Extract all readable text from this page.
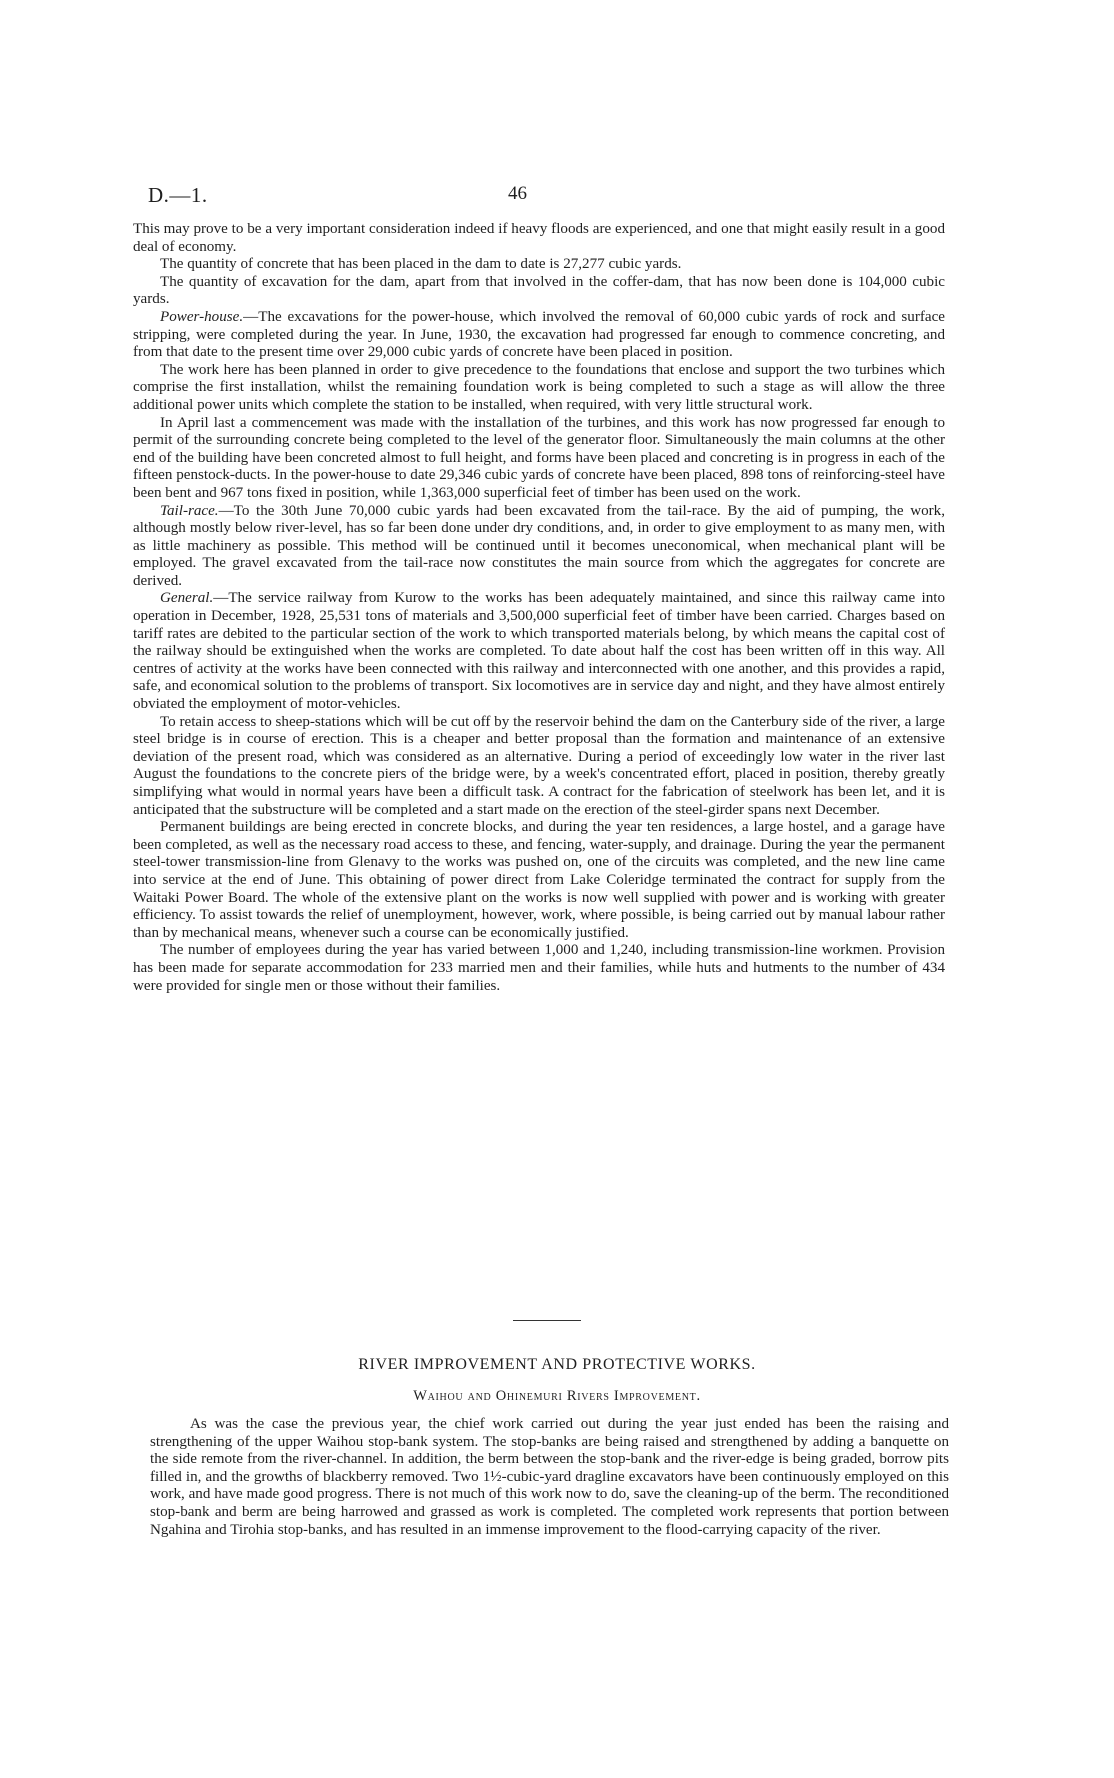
D.—1.	46

This may prove to be a very important consideration indeed if heavy floods are experienced, and one that might easily result in a good deal of economy.

The quantity of concrete that has been placed in the dam to date is 27,277 cubic yards.

The quantity of excavation for the dam, apart from that involved in the coffer-dam, that has now been done is 104,000 cubic yards.

Power-house.—The excavations for the power-house, which involved the removal of 60,000 cubic yards of rock and surface stripping, were completed during the year. In June, 1930, the excavation had progressed far enough to commence concreting, and from that date to the present time over 29,000 cubic yards of concrete have been placed in position.

The work here has been planned in order to give precedence to the foundations that enclose and support the two turbines which comprise the first installation, whilst the remaining foundation work is being completed to such a stage as will allow the three additional power units which complete the station to be installed, when required, with very little structural work.

In April last a commencement was made with the installation of the turbines, and this work has now progressed far enough to permit of the surrounding concrete being completed to the level of the generator floor. Simultaneously the main columns at the other end of the building have been concreted almost to full height, and forms have been placed and concreting is in progress in each of the fifteen penstock-ducts. In the power-house to date 29,346 cubic yards of concrete have been placed, 898 tons of reinforcing-steel have been bent and 967 tons fixed in position, while 1,363,000 superficial feet of timber has been used on the work.

Tail-race.—To the 30th June 70,000 cubic yards had been excavated from the tail-race. By the aid of pumping, the work, although mostly below river-level, has so far been done under dry conditions, and, in order to give employment to as many men, with as little machinery as possible. This method will be continued until it becomes uneconomical, when mechanical plant will be employed. The gravel excavated from the tail-race now constitutes the main source from which the aggregates for concrete are derived.

General.—The service railway from Kurow to the works has been adequately maintained, and since this railway came into operation in December, 1928, 25,531 tons of materials and 3,500,000 superficial feet of timber have been carried. Charges based on tariff rates are debited to the particular section of the work to which transported materials belong, by which means the capital cost of the railway should be extinguished when the works are completed. To date about half the cost has been written off in this way. All centres of activity at the works have been connected with this railway and interconnected with one another, and this provides a rapid, safe, and economical solution to the problems of transport. Six locomotives are in service day and night, and they have almost entirely obviated the employment of motor-vehicles.

To retain access to sheep-stations which will be cut off by the reservoir behind the dam on the Canterbury side of the river, a large steel bridge is in course of erection. This is a cheaper and better proposal than the formation and maintenance of an extensive deviation of the present road, which was considered as an alternative. During a period of exceedingly low water in the river last August the foundations to the concrete piers of the bridge were, by a week's concentrated effort, placed in position, thereby greatly simplifying what would in normal years have been a difficult task. A contract for the fabrication of steelwork has been let, and it is anticipated that the substructure will be completed and a start made on the erection of the steel-girder spans next December.

Permanent buildings are being erected in concrete blocks, and during the year ten residences, a large hostel, and a garage have been completed, as well as the necessary road access to these, and fencing, water-supply, and drainage. During the year the permanent steel-tower transmission-line from Glenavy to the works was pushed on, one of the circuits was completed, and the new line came into service at the end of June. This obtaining of power direct from Lake Coleridge terminated the contract for supply from the Waitaki Power Board. The whole of the extensive plant on the works is now well supplied with power and is working with greater efficiency. To assist towards the relief of unemployment, however, work, where possible, is being carried out by manual labour rather than by mechanical means, whenever such a course can be economically justified.

The number of employees during the year has varied between 1,000 and 1,240, including transmission-line workmen. Provision has been made for separate accommodation for 233 married men and their families, while huts and hutments to the number of 434 were provided for single men or those without their families.

RIVER IMPROVEMENT AND PROTECTIVE WORKS.
Waihou and Ohinemuri Rivers Improvement.

As was the case the previous year, the chief work carried out during the year just ended has been the raising and strengthening of the upper Waihou stop-bank system. The stop-banks are being raised and strengthened by adding a banquette on the side remote from the river-channel. In addition, the berm between the stop-bank and the river-edge is being graded, borrow pits filled in, and the growths of blackberry removed. Two 1½-cubic-yard dragline excavators have been continuously employed on this work, and have made good progress. There is not much of this work now to do, save the cleaning-up of the berm. The reconditioned stop-bank and berm are being harrowed and grassed as work is completed. The completed work represents that portion between Ngahina and Tirohia stop-banks, and has resulted in an immense improvement to the flood-carrying capacity of the river.
